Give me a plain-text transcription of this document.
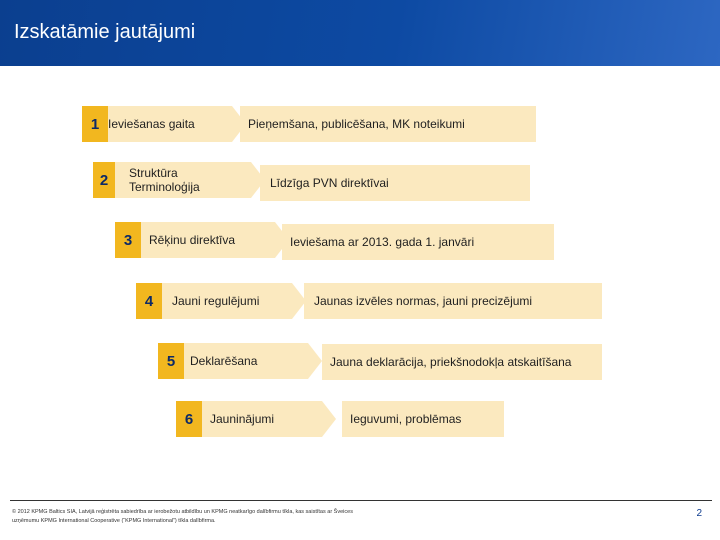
Izskatāmie jautājumi
1 Ieviešanas gaita	Pieņemšana, publicēšana, MK noteikumi
2 Struktūra
Terminoloģija	Līdzīga PVN direktīvai
3 Rēķinu direktīva	Ieviešama ar 2013. gada 1. janvāri
4 Jauni regulējumi	Jaunas izvēles normas, jauni precizējumi
5 Deklarēšana	Jauna deklarācija, priekšnodokļa atskaitīšana
6 Jauninājumi	Ieguvumi, problēmas
© 2012 KPMG Baltics SIA, Latvijā reģistrēta sabiedrība ar ierobežotu atbildību un KPMG neatkarīgo dalībfirmu tīkla, kas saistītas ar Šveices
uzņēmumu KPMG International Cooperative (“KPMG International”) tīkla dalībfirma.
2
